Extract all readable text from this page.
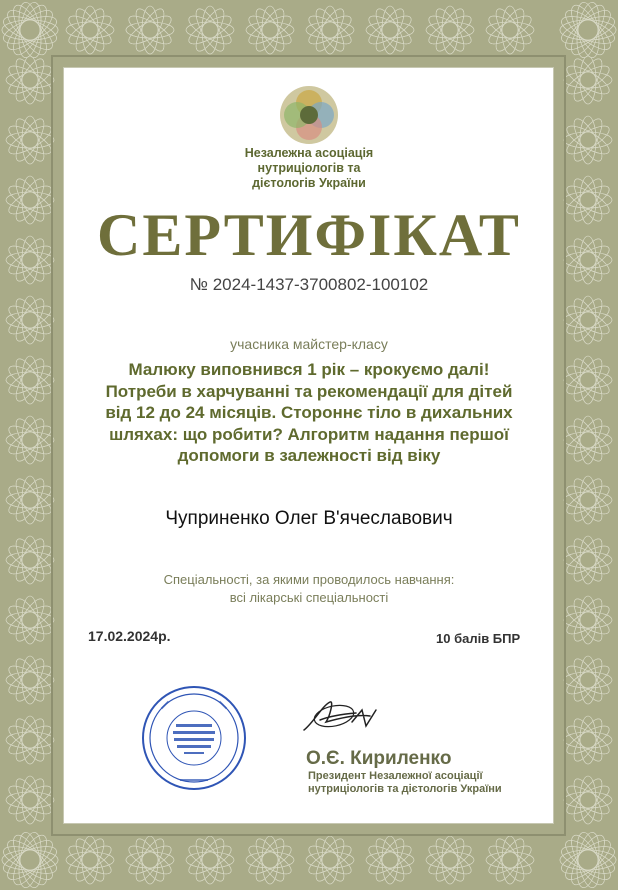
Незалежна асоціація
нутриціологів та
дієтологів України
СЕРТИФІКАТ
№ 2024-1437-3700802-100102
учасника майстер-класу
Малюку виповнився 1 рік – крокуємо далі!
Потреби в харчуванні та рекомендації для дітей
від 12 до 24 місяців. Стороннє тіло в дихальних
шляхах: що робити? Алгоритм надання першої
допомоги в залежності від віку
Чуприненко Олег В'ячеславович
Спеціальності, за якими проводилось навчання:
всі лікарські спеціальності
17.02.2024р.	10 балів БПР
О.Є. Кириленко
Президент Незалежної асоціації
нутриціологів та дієтологів України
